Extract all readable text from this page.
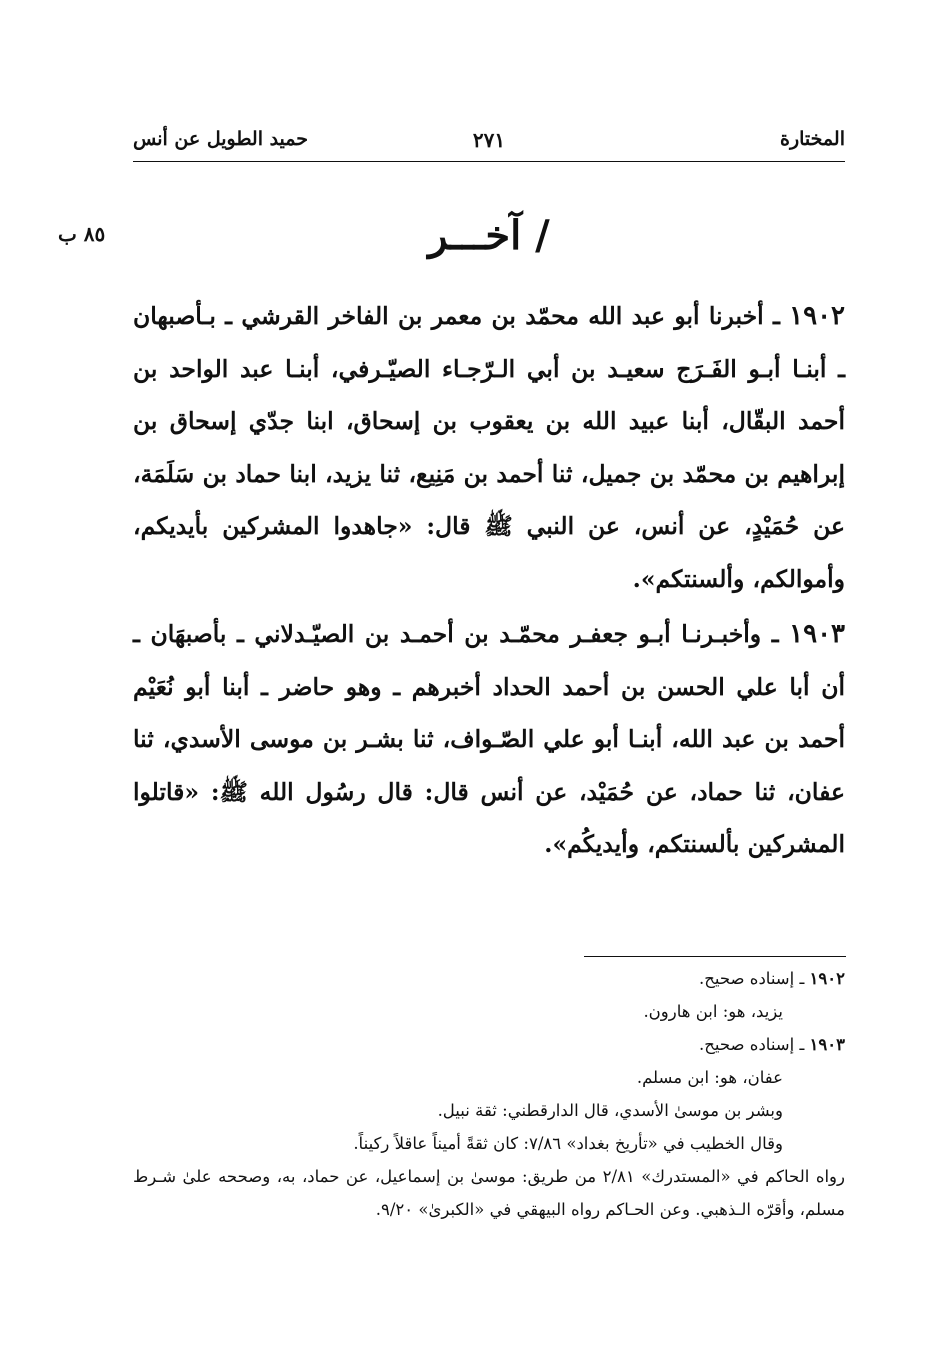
المختارة
٢٧١
حميد الطويل عن أنس
٨٥ ب	/ آخـــر
١٩٠٢ ـ أخبرنا أبو عبد الله محمّد بن معمر بن الفاخر القرشي ـ بـأصبهان ـ أبنـا أبـو الفَـرَج سعيـد بن أبي الـرّجـاء الصيّـرفي، أبنـا عبد الواحد بن أحمد البقّال، أبنا عبيد الله بن يعقوب بن إسحاق، ابنا جدّي إسحاق بن إبراهيم بن محمّد بن جميل، ثنا أحمد بن مَنِيع، ثنا يزيد، ابنا حماد بن سَلَمَة، عن حُمَيْدٍ، عن أنس، عن النبي ﷺ قال: «جاهدوا المشركين بأيديكم، وأموالكم، وألسنتكم».
١٩٠٣ ـ وأخبـرنـا أبـو جعفـر محمّـد بن أحمـد بن الصيّـدلاني ـ بأصبهَان ـ أن أبا علي الحسن بن أحمد الحداد أخبرهم ـ وهو حاضر ـ أبنا أبو نُعَيْم أحمد بن عبد الله، أبنـا أبو علي الصّـواف، ثنا بشـر بن موسى الأسدي، ثنا عفان، ثنا حماد، عن حُمَيْد، عن أنس قال: قال رسُول الله ﷺ: «قاتلوا المشركين بألسنتكم، وأيديكُم».
١٩٠٢ ـ إسناده صحيح.
يزيد، هو: ابن هارون.
١٩٠٣ ـ إسناده صحيح.
عفان، هو: ابن مسلم.
وبشر بن موسىٰ الأسدي، قال الدارقطني: ثقة نبيل.
وقال الخطيب في «تأريخ بغداد» ٧/٨٦: كان ثقةً أميناً عاقلاً ركيناً.
رواه الحاكم في «المستدرك» ٢/٨١ من طريق: موسىٰ بن إسماعيل، عن حماد، به، وصححه علىٰ شـرط مسلم، وأقرّه الـذهبي. وعن الحـاكم رواه البيهقي في «الكبرىٰ» ٩/٢٠.
